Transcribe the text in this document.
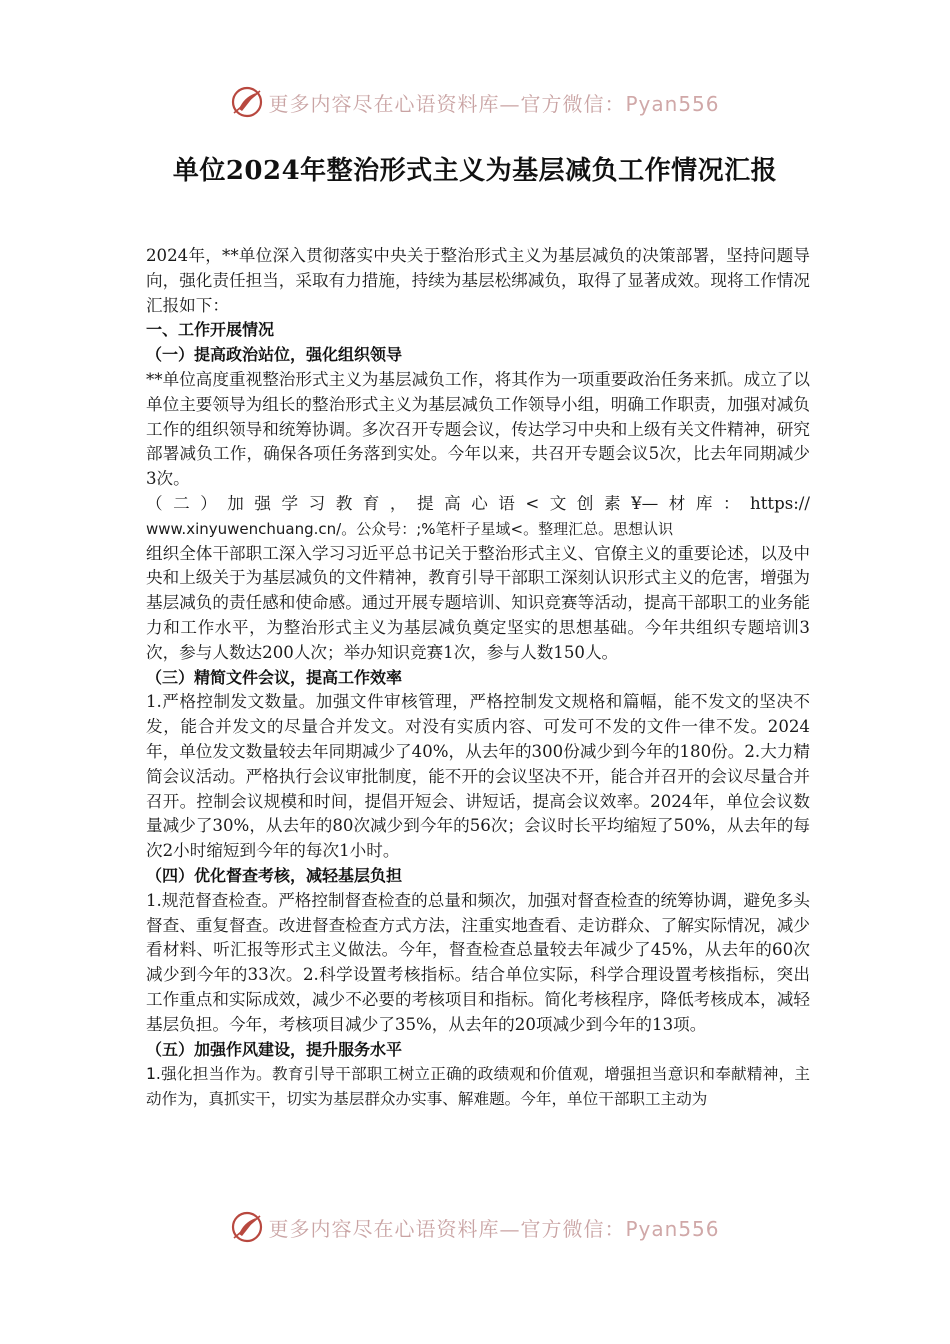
更多内容尽在心语资料库—官方微信：Pyan556
单位2024年整治形式主义为基层减负工作情况汇报

2024年，**单位深入贯彻落实中央关于整治形式主义为基层减负的决策部署，坚持问题导向，强化责任担当，采取有力措施，持续为基层松绑减负，取得了显著成效。现将工作情况汇报如下：

一、工作开展情况

（一）提高政治站位，强化组织领导

**单位高度重视整治形式主义为基层减负工作，将其作为一项重要政治任务来抓。成立了以单位主要领导为组长的整治形式主义为基层减负工作领导小组，明确工作职责，加强对减负工作的组织领导和统筹协调。多次召开专题会议，传达学习中央和上级有关文件精神，研究部署减负工作，确保各项任务落到实处。今年以来，共召开专题会议5次，比去年同期减少3次。

（二）加强学习教育，提高心语<文创素¥—材库：https://

www.xinyuwenchuang.cn/。公众号：;%笔杆子星域<。整理汇总。思想认识

组织全体干部职工深入学习习近平总书记关于整治形式主义、官僚主义的重要论述，以及中央和上级关于为基层减负的文件精神，教育引导干部职工深刻认识形式主义的危害，增强为基层减负的责任感和使命感。通过开展专题培训、知识竞赛等活动，提高干部职工的业务能力和工作水平，为整治形式主义为基层减负奠定坚实的思想基础。今年共组织专题培训3次，参与人数达200人次；举办知识竞赛1次，参与人数150人。

（三）精简文件会议，提高工作效率

1.严格控制发文数量。加强文件审核管理，严格控制发文规格和篇幅，能不发文的坚决不发，能合并发文的尽量合并发文。对没有实质内容、可发可不发的文件一律不发。2024年，单位发文数量较去年同期减少了40%，从去年的300份减少到今年的180份。2.大力精简会议活动。严格执行会议审批制度，能不开的会议坚决不开，能合并召开的会议尽量合并召开。控制会议规模和时间，提倡开短会、讲短话，提高会议效率。2024年，单位会议数量减少了30%，从去年的80次减少到今年的56次；会议时长平均缩短了50%，从去年的每次2小时缩短到今年的每次1小时。

（四）优化督查考核，减轻基层负担

1.规范督查检查。严格控制督查检查的总量和频次，加强对督查检查的统筹协调，避免多头督查、重复督查。改进督查检查方式方法，注重实地查看、走访群众、了解实际情况，减少看材料、听汇报等形式主义做法。今年，督查检查总量较去年减少了45%，从去年的60次减少到今年的33次。2.科学设置考核指标。结合单位实际，科学合理设置考核指标，突出工作重点和实际成效，减少不必要的考核项目和指标。简化考核程序，降低考核成本，减轻基层负担。今年，考核项目减少了35%，从去年的20项减少到今年的13项。

（五）加强作风建设，提升服务水平

1.强化担当作为。教育引导干部职工树立正确的政绩观和价值观，增强担当意识和奉献精神，主动作为，真抓实干，切实为基层群众办实事、解难题。今年，单位干部职工主动为

更多内容尽在心语资料库—官方微信：Pyan556
